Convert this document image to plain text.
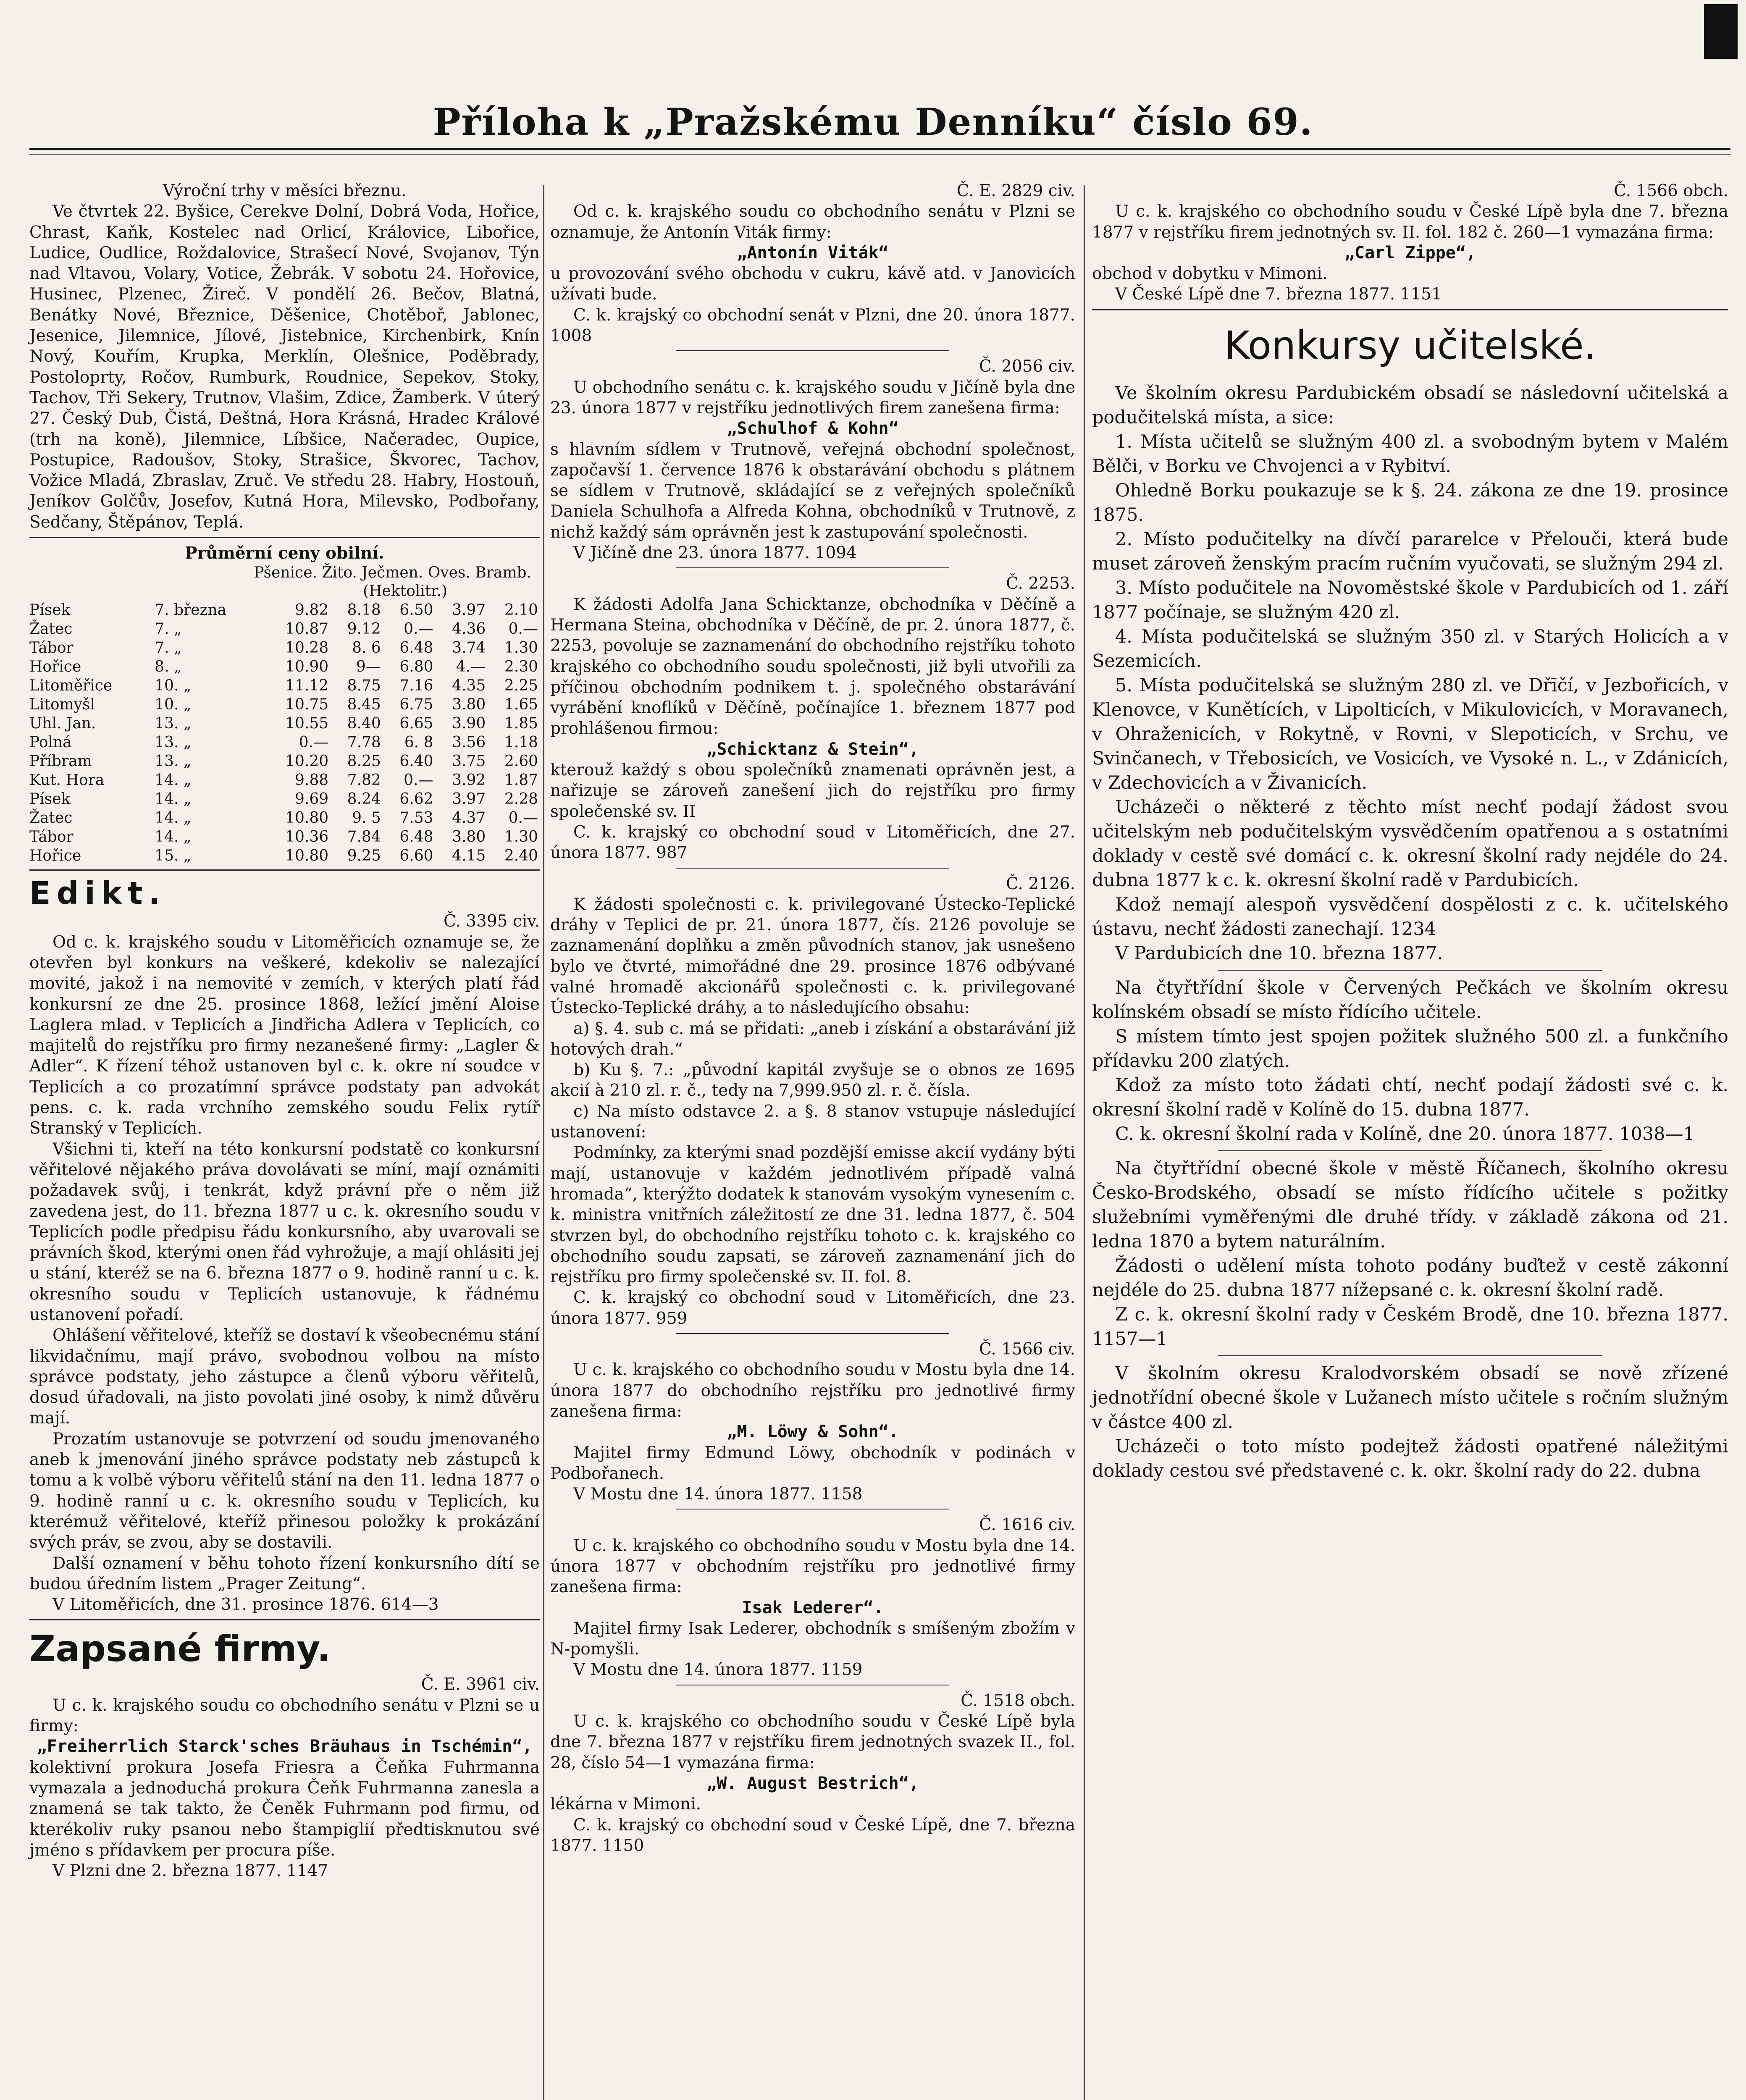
Příloha k „Pražskému Denníku“ číslo 69.

Výroční trhy v měsíci březnu.

Ve čtvrtek 22. Byšice, Cerekve Dolní, Dobrá Voda, Hořice, Chrast, Kaňk, Kostelec nad Orlicí, Královice, Libořice, Ludice, Oudlice, Roždalovice, Strašecí Nové, Svojanov, Týn nad Vltavou, Volary, Votice, Žebrák. V sobotu 24. Hořovice, Husinec, Plzenec, Žireč. V pondělí 26. Bečov, Blatná, Benátky Nové, Březnice, Děšenice, Chotěboř, Jablonec, Jesenice, Jilemnice, Jílové, Jistebnice, Kirchenbirk, Knín Nový, Kouřím, Krupka, Merklín, Olešnice, Poděbrady, Postoloprty, Ročov, Rumburk, Roudnice, Sepekov, Stoky, Tachov, Tři Sekery, Trutnov, Vlašim, Zdice, Žamberk. V úterý 27. Český Dub, Čistá, Deštná, Hora Krásná, Hradec Králové (trh na koně), Jilemnice, Líbšice, Načeradec, Oupice, Postupice, Radoušov, Stoky, Strašice, Škvorec, Tachov, Vožice Mladá, Zbraslav, Zruč. Ve středu 28. Habry, Hostouň, Jeníkov Golčův, Josefov, Kutná Hora, Milevsko, Podbořany, Sedčany, Štěpánov, Teplá.

Průměrní ceny obilní.

Pšenice. Žito. Ječmen. Oves. Bramb.
(Hektolitr.)
Písek	7. března	9.82	8.18	6.50	3.97	2.10
Žatec	7. „	10.87	9.12	0.—	4.36	0.—
Tábor	7. „	10.28	8. 6	6.48	3.74	1.30
Hořice	8. „	10.90	9—	6.80	4.—	2.30
Litoměřice	10. „	11.12	8.75	7.16	4.35	2.25
Litomyšl	10. „	10.75	8.45	6.75	3.80	1.65
Uhl. Jan.	13. „	10.55	8.40	6.65	3.90	1.85
Polná	13. „	0.—	7.78	6. 8	3.56	1.18
Příbram	13. „	10.20	8.25	6.40	3.75	2.60
Kut. Hora	14. „	9.88	7.82	0.—	3.92	1.87
Písek	14. „	9.69	8.24	6.62	3.97	2.28
Žatec	14. „	10.80	9. 5	7.53	4.37	0.—
Tábor	14. „	10.36	7.84	6.48	3.80	1.30
Hořice	15. „	10.80	9.25	6.60	4.15	2.40
Edikt.

Č. 3395 civ.

Od c. k. krajského soudu v Litoměřicích oznamuje se, že otevřen byl konkurs na veškeré, kdekoliv se nalezající movité, jakož i na nemovité v zemích, v kterých platí řád konkursní ze dne 25. prosince 1868, ležící jmění Aloise Laglera mlad. v Teplicích a Jindřicha Adlera v Teplicích, co majitelů do rejstříku pro firmy nezanešené firmy: „Lagler & Adler“. K řízení téhož ustanoven byl c. k. okre ní soudce v Teplicích a co prozatímní správce podstaty pan advokát pens. c. k. rada vrchního zemského soudu Felix rytíř Stranský v Teplicích.

Všichni ti, kteří na této konkursní podstatě co konkursní věřitelové nějakého práva dovolávati se míní, mají oznámiti požadavek svůj, i tenkrát, když právní pře o něm již zavedena jest, do 11. března 1877 u c. k. okresního soudu v Teplicích podle předpisu řádu konkursního, aby uvarovali se právních škod, kterými onen řád vyhrožuje, a mají ohlásiti jej u stání, kteréž se na 6. března 1877 o 9. hodině ranní u c. k. okresního soudu v Teplicích ustanovuje, k řádnému ustanovení pořadí.

Ohlášení věřitelové, kteříž se dostaví k všeobecnému stání likvidačnímu, mají právo, svobodnou volbou na místo správce podstaty, jeho zástupce a členů výboru věřitelů, dosud úřadovali, na jisto povolati jiné osoby, k nimž důvěru mají.

Prozatím ustanovuje se potvrzení od soudu jmenovaného aneb k jmenování jiného správce podstaty neb zástupců k tomu a k volbě výboru věřitelů stání na den 11. ledna 1877 o 9. hodině ranní u c. k. okresního soudu v Teplicích, ku kterémuž věřitelové, kteříž přinesou položky k prokázání svých práv, se zvou, aby se dostavili.

Další oznamení v běhu tohoto řízení konkursního dítí se budou úředním listem „Prager Zeitung“.

V Litoměřicích, dne 31. prosince 1876. 614—3

Zapsané firmy.

Č. E. 3961 civ.

U c. k. krajského soudu co obchodního senátu v Plzni se u firmy:

„Freiherrlich Starck'sches Bräuhaus in Tschémin“,

kolektivní prokura Josefa Friesra a Čeňka Fuhrmanna vymazala a jednoduchá prokura Čeňk Fuhrmanna zanesla a znamená se tak takto, že Čeněk Fuhrmann pod firmu, od kterékoliv ruky psanou nebo štampiglií předtisknutou své jméno s přídavkem per procura píše.

V Plzni dne 2. března 1877. 1147

Č. E. 2829 civ.

Od c. k. krajského soudu co obchodního senátu v Plzni se oznamuje, že Antonín Viták firmy:

„Antonín Viták“

u provozování svého obchodu v cukru, kávě atd. v Janovicích užívati bude.

C. k. krajský co obchodní senát v Plzni, dne 20. února 1877. 1008

Č. 2056 civ.

U obchodního senátu c. k. krajského soudu v Jičíně byla dne 23. února 1877 v rejstříku jednotlivých firem zanešena firma:

„Schulhof & Kohn“

s hlavním sídlem v Trutnově, veřejná obchodní společnost, započavší 1. července 1876 k obstarávání obchodu s plátnem se sídlem v Trutnově, skládající se z veřejných společníků Daniela Schulhofa a Alfreda Kohna, obchodníků v Trutnově, z nichž každý sám oprávněn jest k zastupování společnosti.

V Jičíně dne 23. února 1877. 1094

Č. 2253.

K žádosti Adolfa Jana Schicktanze, obchodníka v Děčíně a Hermana Steina, obchodníka v Děčíně, de pr. 2. února 1877, č. 2253, povoluje se zaznamenání do obchodního rejstříku tohoto krajského co obchodního soudu společnosti, již byli utvořili za příčinou obchodním podnikem t. j. společného obstarávání vyrábění knoflíků v Děčíně, počínajíce 1. březnem 1877 pod prohlášenou firmou:

„Schicktanz & Stein“,

kterouž každý s obou společníků znamenati oprávněn jest, a nařizuje se zároveň zanešení jich do rejstříku pro firmy společenské sv. II

C. k. krajský co obchodní soud v Litoměřicích, dne 27. února 1877. 987

Č. 2126.

K žádosti společnosti c. k. privilegované Ústecko-Teplické dráhy v Teplici de pr. 21. února 1877, čís. 2126 povoluje se zaznamenání doplňku a změn původních stanov, jak usnešeno bylo ve čtvrté, mimořádné dne 29. prosince 1876 odbývané valné hromadě akcionářů společnosti c. k. privilegované Ústecko-Teplické dráhy, a to následujícího obsahu:

a) §. 4. sub c. má se přidati: „aneb i získání a obstarávání již hotových drah.“

b) Ku §. 7.: „původní kapitál zvyšuje se o obnos ze 1695 akcií à 210 zl. r. č., tedy na 7,999.950 zl. r. č. čísla.

c) Na místo odstavce 2. a §. 8 stanov vstupuje následující ustanovení:

Podmínky, za kterými snad pozdější emisse akcií vydány býti mají, ustanovuje v každém jednotlivém případě valná hromada“, kterýžto dodatek k stanovám vysokým vynesením c. k. ministra vnitřních záležitostí ze dne 31. ledna 1877, č. 504 stvrzen byl, do obchodního rejstříku tohoto c. k. krajského co obchodního soudu zapsati, se zároveň zaznamenání jich do rejstříku pro firmy společenské sv. II. fol. 8.

C. k. krajský co obchodní soud v Litoměřicích, dne 23. února 1877. 959

Č. 1566 civ.

U c. k. krajského co obchodního soudu v Mostu byla dne 14. února 1877 do obchodního rejstříku pro jednotlivé firmy zanešena firma:

„M. Löwy & Sohn“.

Majitel firmy Edmund Löwy, obchodník v podinách v Podbořanech.

V Mostu dne 14. února 1877. 1158

Č. 1616 civ.

U c. k. krajského co obchodního soudu v Mostu byla dne 14. února 1877 v obchodním rejstříku pro jednotlivé firmy zanešena firma:

Isak Lederer“.

Majitel firmy Isak Lederer, obchodník s smíšeným zbožím v N-pomyšli.

V Mostu dne 14. února 1877. 1159

Č. 1518 obch.

U c. k. krajského co obchodního soudu v České Lípě byla dne 7. března 1877 v rejstříku firem jednotných svazek II., fol. 28, číslo 54—1 vymazána firma:

„W. August Bestrich“,

lékárna v Mimoni.

C. k. krajský co obchodní soud v České Lípě, dne 7. března 1877. 1150

Č. 1566 obch.

U c. k. krajského co obchodního soudu v České Lípě byla dne 7. března 1877 v rejstříku firem jednotných sv. II. fol. 182 č. 260—1 vymazána firma:

„Carl Zippe“,

obchod v dobytku v Mimoni.

V České Lípě dne 7. března 1877. 1151

Konkursy učitelské.

Ve školním okresu Pardubickém obsadí se následovní učitelská a podučitelská místa, a sice:

1. Místa učitelů se služným 400 zl. a svobodným bytem v Malém Bělči, v Borku ve Chvojenci a v Rybitví.

Ohledně Borku poukazuje se k §. 24. zákona ze dne 19. prosince 1875.

2. Místo podučitelky na dívčí pararelce v Přelouči, která bude muset zároveň ženským pracím ručním vyučovati, se služným 294 zl.

3. Místo podučitele na Novoměstské škole v Pardubicích od 1. září 1877 počínaje, se služným 420 zl.

4. Místa podučitelská se služným 350 zl. v Starých Holicích a v Sezemicích.

5. Místa podučitelská se služným 280 zl. ve Dřīčí, v Jezbořicích, v Klenovce, v Kunětících, v Lipolticích, v Mikulovicích, v Moravanech, v Ohraženicích, v Rokytně, v Rovni, v Slepoticích, v Srchu, ve Svinčanech, v Třebosicích, ve Vosicích, ve Vysoké n. L., v Zdánicích, v Zdechovicích a v Živanicích.

Ucházeči o některé z těchto míst nechť podají žádost svou učitelským neb podučitelským vysvědčením opatřenou a s ostatními doklady v cestě své domácí c. k. okresní školní rady nejdéle do 24. dubna 1877 k c. k. okresní školní radě v Pardubicích.

Kdož nemají alespoň vysvědčení dospělosti z c. k. učitelského ústavu, nechť žádosti zanechají. 1234

V Pardubicích dne 10. března 1877.

Na čtyřtřídní škole v Červených Pečkách ve školním okresu kolínském obsadí se místo řídícího učitele.

S místem tímto jest spojen požitek služného 500 zl. a funkčního přídavku 200 zlatých.

Kdož za místo toto žádati chtí, nechť podají žádosti své c. k. okresní školní radě v Kolíně do 15. dubna 1877.

C. k. okresní školní rada v Kolíně, dne 20. února 1877. 1038—1

Na čtyřtřídní obecné škole v městě Říčanech, školního okresu Česko-Brodského, obsadí se místo řídícího učitele s požitky služebními vyměřenými dle druhé třídy. v základě zákona od 21. ledna 1870 a bytem naturálním.

Žádosti o udělení místa tohoto podány buďtež v cestě zákonní nejdéle do 25. dubna 1877 nížepsané c. k. okresní školní radě.

Z c. k. okresní školní rady v Českém Brodě, dne 10. března 1877. 1157—1

V školním okresu Kralodvorském obsadí se nově zřízené jednotřídní obecné škole v Lužanech místo učitele s ročním služným v částce 400 zl.

Ucházeči o toto místo podejtež žádosti opatřené náležitými doklady cestou své představené c. k. okr. školní rady do 22. dubna
